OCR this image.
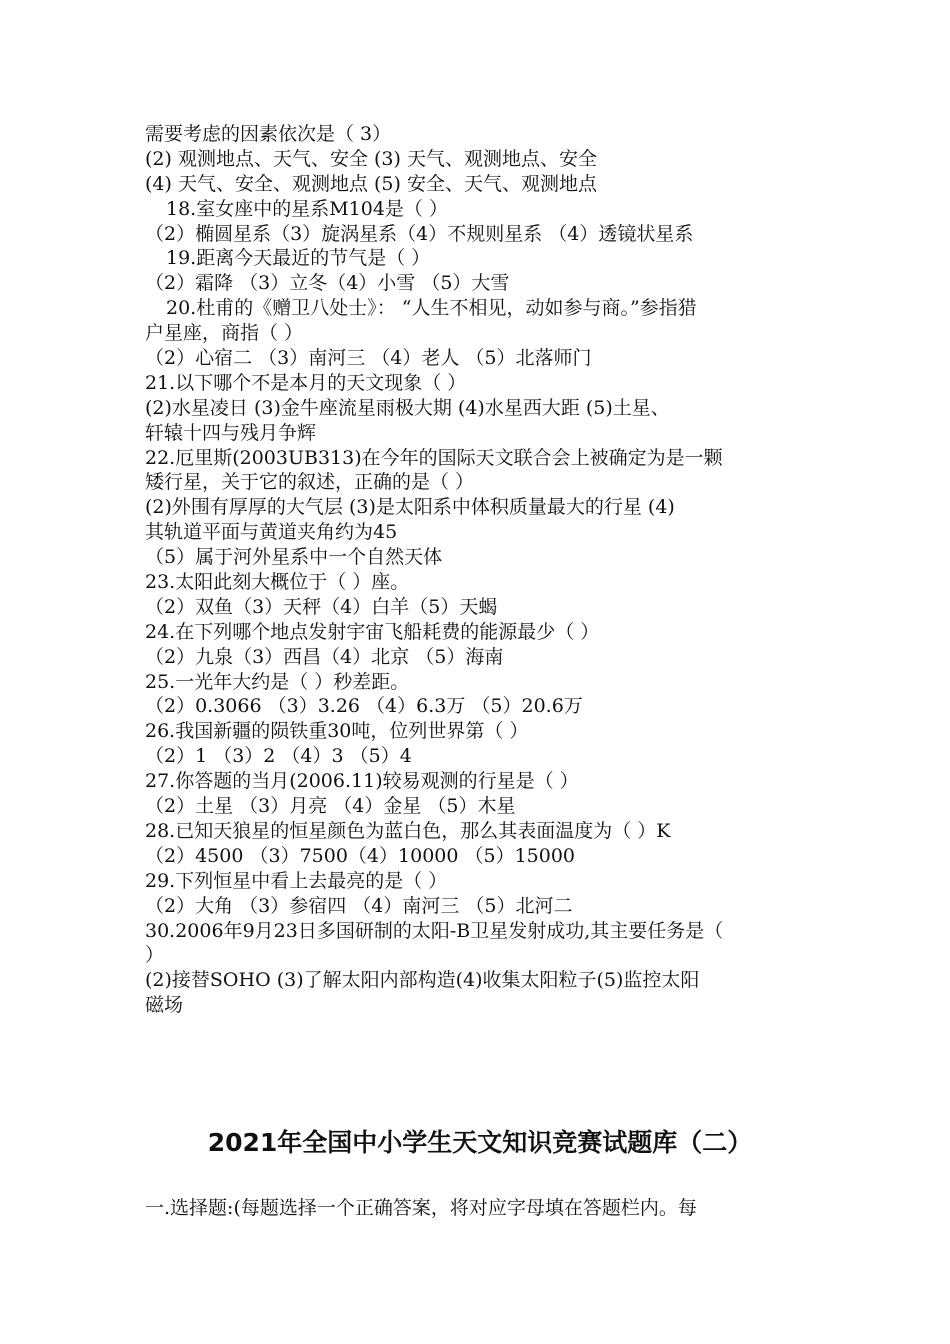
需要考虑的因素依次是（ 3）
(2) 观测地点、天气、安全 (3) 天气、观测地点、安全
(4) 天气、安全、观测地点 (5) 安全、天气、观测地点
18.室女座中的星系M104是（ ）
（2）椭圆星系（3）旋涡星系（4）不规则星系 （4）透镜状星系
19.距离今天最近的节气是（ ）
（2）霜降 （3）立冬（4）小雪 （5）大雪
20.杜甫的《赠卫八处士》： “人生不相见，动如参与商。”参指猎
户星座，商指（ ）
（2）心宿二 （3）南河三 （4）老人 （5）北落师门
21.以下哪个不是本月的天文现象（ ）
(2)水星凌日 (3)金牛座流星雨极大期 (4)水星西大距 (5)土星、
轩辕十四与残月争辉
22.厄里斯(2003UB313)在今年的国际天文联合会上被确定为是一颗
矮行星，关于它的叙述，正确的是（ ）
(2)外围有厚厚的大气层 (3)是太阳系中体积质量最大的行星 (4)
其轨道平面与黄道夹角约为45
（5）属于河外星系中一个自然天体
23.太阳此刻大概位于（ ）座。
（2）双鱼（3）天秤（4）白羊（5）天蝎
24.在下列哪个地点发射宇宙飞船耗费的能源最少（ ）
（2）九泉（3）西昌（4）北京 （5）海南
25.一光年大约是（ ）秒差距。
（2）0.3066 （3）3.26 （4）6.3万 （5）20.6万
26.我国新疆的陨铁重30吨，位列世界第（ ）
（2）1 （3）2 （4）3 （5）4
27.你答题的当月(2006.11)较易观测的行星是（ ）
（2）土星 （3）月亮 （4）金星 （5）木星
28.已知天狼星的恒星颜色为蓝白色，那么其表面温度为（ ）K
（2）4500 （3）7500（4）10000 （5）15000
29.下列恒星中看上去最亮的是（ ）
（2）大角 （3）参宿四 （4）南河三 （5）北河二
30.2006年9月23日多国研制的太阳-B卫星发射成功,其主要任务是（
）
(2)接替SOHO (3)了解太阳内部构造(4)收集太阳粒子(5)监控太阳
磁场
2021年全国中小学生天文知识竞赛试题库（二）
一.选择题:(每题选择一个正确答案，将对应字母填在答题栏内。每
